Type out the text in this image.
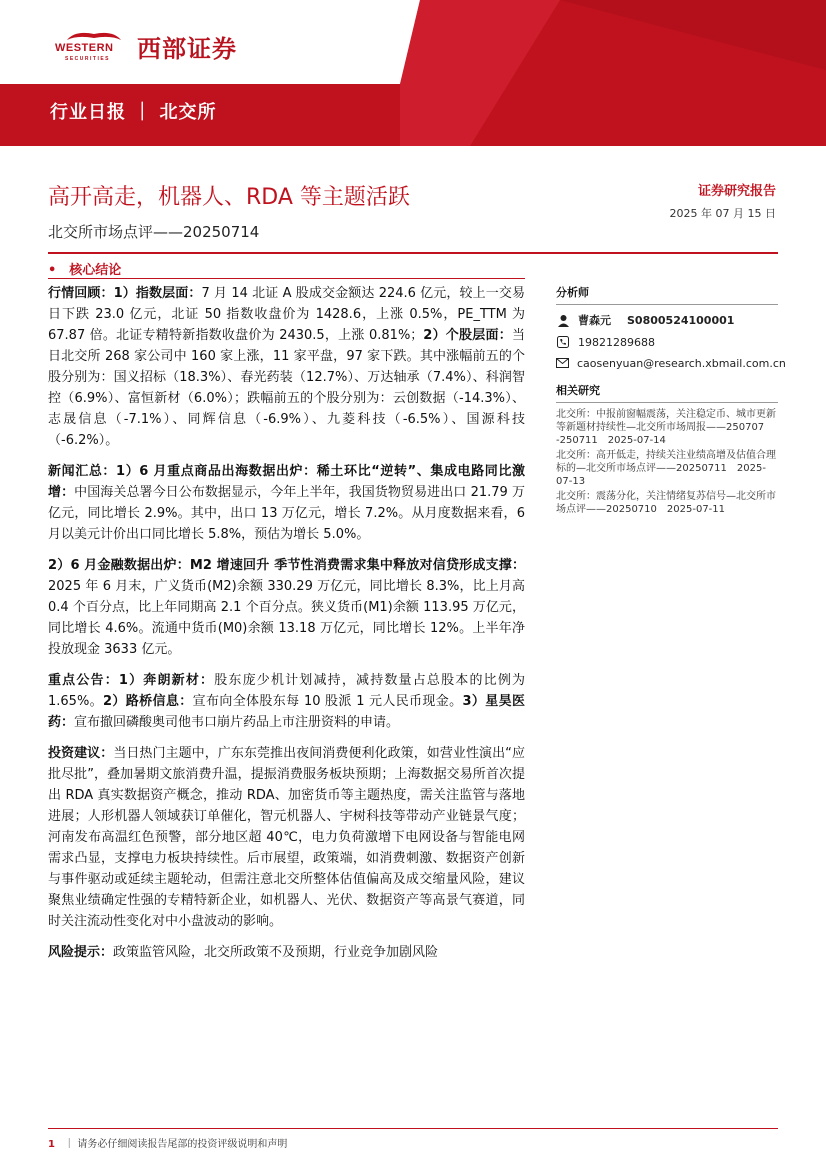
WESTERN
SECURITIES 西部证券
行业日报 ｜ 北交所
高开高走，机器人、RDA 等主题活跃
北交所市场点评——20250714
证券研究报告
2025 年 07 月 15 日
•　核心结论

行情回顾：1）指数层面：7 月 14 北证 A 股成交金额达 224.6 亿元，较上一交易日下跌 23.0 亿元，北证 50 指数收盘价为 1428.6，上涨 0.5%，PE_TTM 为 67.87 倍。北证专精特新指数收盘价为 2430.5，上涨 0.81%；2）个股层面：当日北交所 268 家公司中 160 家上涨，11 家平盘，97 家下跌。其中涨幅前五的个股分别为：国义招标（18.3%）、春光药装（12.7%）、万达轴承（7.4%）、科润智控（6.9%）、富恒新材（6.0%）；跌幅前五的个股分别为：云创数据（-14.3%）、志晟信息（-7.1%）、同辉信息（-6.9%）、九菱科技（-6.5%）、国源科技（-6.2%）。

新闻汇总：1）6 月重点商品出海数据出炉：稀土环比“逆转”、集成电路同比激增：中国海关总署今日公布数据显示，今年上半年，我国货物贸易进出口 21.79 万亿元，同比增长 2.9%。其中，出口 13 万亿元，增长 7.2%。从月度数据来看，6 月以美元计价出口同比增长 5.8%，预估为增长 5.0%。

2）6 月金融数据出炉：M2 增速回升 季节性消费需求集中释放对信贷形成支撑：2025 年 6 月末，广义货币(M2)余额 330.29 万亿元，同比增长 8.3%，比上月高 0.4 个百分点，比上年同期高 2.1 个百分点。狭义货币(M1)余额 113.95 万亿元，同比增长 4.6%。流通中货币(M0)余额 13.18 万亿元，同比增长 12%。上半年净投放现金 3633 亿元。

重点公告：1）奔朗新材：股东庞少机计划减持，减持数量占总股本的比例为 1.65%。2）路桥信息：宣布向全体股东每 10 股派 1 元人民币现金。3）星昊医药：宣布撤回磷酸奥司他韦口崩片药品上市注册资料的申请。

投资建议：当日热门主题中，广东东莞推出夜间消费便利化政策，如营业性演出“应批尽批”，叠加暑期文旅消费升温，提振消费服务板块预期；上海数据交易所首次提出 RDA 真实数据资产概念，推动 RDA、加密货币等主题热度，需关注监管与落地进展；人形机器人领域获订单催化，智元机器人、宇树科技等带动产业链景气度；河南发布高温红色预警，部分地区超 40℃，电力负荷激增下电网设备与智能电网需求凸显，支撑电力板块持续性。后市展望，政策端，如消费刺激、数据资产创新与事件驱动或延续主题轮动，但需注意北交所整体估值偏高及成交缩量风险，建议聚焦业绩确定性强的专精特新企业，如机器人、光伏、数据资产等高景气赛道，同时关注流动性变化对中小盘波动的影响。

风险提示：政策监管风险，北交所政策不及预期，行业竞争加剧风险

分析师
曹森元 S0800524100001
19821289688
caosenyuan@research.xbmail.com.cn
相关研究

北交所：中报前窗幅震荡，关注稳定币、城市更新等新题材持续性—北交所市场周报——250707 -250711　2025-07-14

北交所：高开低走，持续关注业绩高增及估值合理标的—北交所市场点评——20250711　2025-07-13

北交所：震荡分化，关注情绪复苏信号—北交所市场点评——20250710　2025-07-11

1 ｜ 请务必仔细阅读报告尾部的投资评级说明和声明
